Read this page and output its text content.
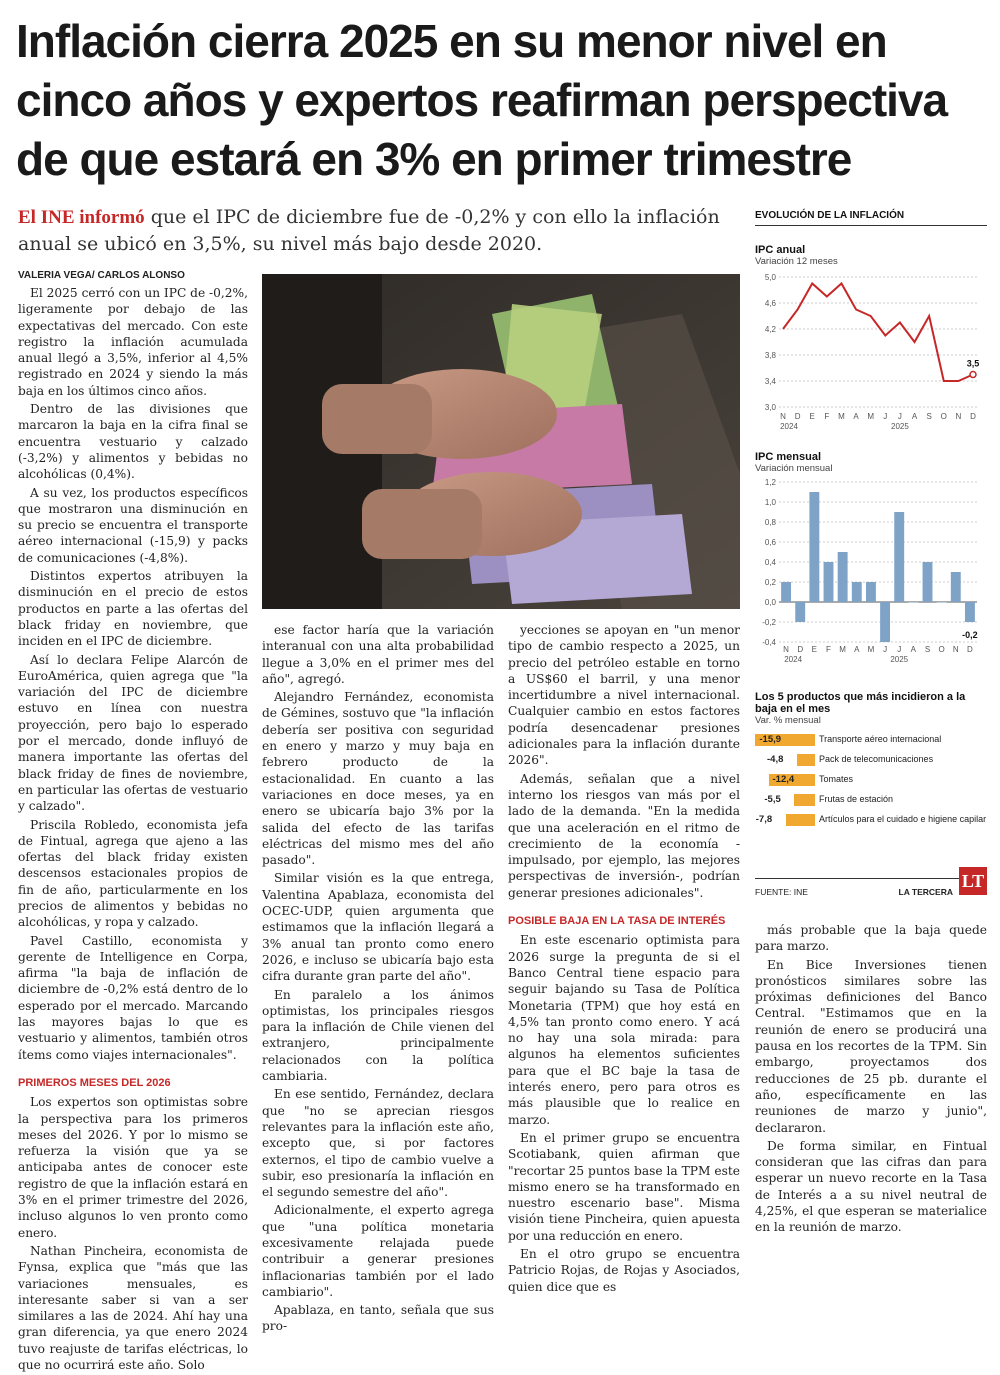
Inflación cierra 2025 en su menor nivel en cinco años y expertos reafirman perspectiva de que estará en 3% en primer trimestre
El INE informó que el IPC de diciembre fue de -0,2% y con ello la inflación anual se ubicó en 3,5%, su nivel más bajo desde 2020.
VALERIA VEGA/ CARLOS ALONSO

El 2025 cerró con un IPC de -0,2%, ligeramente por debajo de las expectativas del mercado. Con este registro la inflación acumulada anual llegó a 3,5%, inferior al 4,5% registrado en 2024 y siendo la más baja en los últimos cinco años.

Dentro de las divisiones que marcaron la baja en la cifra final se encuentra vestuario y calzado (-3,2%) y alimentos y bebidas no alcohólicas (0,4%).

A su vez, los productos específicos que mostraron una disminución en su precio se encuentra el transporte aéreo internacional (-15,9) y packs de comunicaciones (-4,8%).

Distintos expertos atribuyen la disminución en el precio de estos productos en parte a las ofertas del black friday en noviembre, que inciden en el IPC de diciembre.

Así lo declara Felipe Alarcón de EuroAmérica, quien agrega que "la variación del IPC de diciembre estuvo en línea con nuestra proyección, pero bajo lo esperado por el mercado, donde influyó de manera importante las ofertas del black friday de fines de noviembre, en particular las ofertas de vestuario y calzado".

Priscila Robledo, economista jefa de Fintual, agrega que ajeno a las ofertas del black friday existen descensos estacionales propios de fin de año, particularmente en los precios de alimentos y bebidas no alcohólicas, y ropa y calzado.

Pavel Castillo, economista y gerente de Intelligence en Corpa, afirma "la baja de inflación de diciembre de -0,2% está dentro de lo esperado por el mercado. Marcando las mayores bajas lo que es vestuario y alimentos, también otros ítems como viajes internacionales".

PRIMEROS MESES DEL 2026

Los expertos son optimistas sobre la perspectiva para los primeros meses del 2026. Y por lo mismo se refuerza la visión que ya se anticipaba antes de conocer este registro de que la inflación estará en 3% en el primer trimestre del 2026, incluso algunos lo ven pronto como enero.

Nathan Pincheira, economista de Fynsa, explica que "más que las variaciones mensuales, es interesante saber si van a ser similares a las de 2024. Ahí hay una gran diferencia, ya que enero 2024 tuvo reajuste de tarifas eléctricas, lo que no ocurrirá este año. Solo

ese factor haría que la variación interanual con una alta probabilidad llegue a 3,0% en el primer mes del año", agregó.

Alejandro Fernández, economista de Gémines, sostuvo que "la inflación debería ser positiva con seguridad en enero y marzo y muy baja en febrero producto de la estacionalidad. En cuanto a las variaciones en doce meses, ya en enero se ubicaría bajo 3% por la salida del efecto de las tarifas eléctricas del mismo mes del año pasado".

Similar visión es la que entrega, Valentina Apablaza, economista del OCEC-UDP, quien argumenta que estimamos que la inflación llegará a 3% anual tan pronto como enero 2026, e incluso se ubicaría bajo esta cifra durante gran parte del año".

En paralelo a los ánimos optimistas, los principales riesgos para la inflación de Chile vienen del extranjero, principalmente relacionados con la política cambiaria.

En ese sentido, Fernández, declara que "no se aprecian riesgos relevantes para la inflación este año, excepto que, si por factores externos, el tipo de cambio vuelve a subir, eso presionaría la inflación en el segundo semestre del año".

Adicionalmente, el experto agrega que "una política monetaria excesivamente relajada puede contribuir a generar presiones inflacionarias también por el lado cambiario".

Apablaza, en tanto, señala que sus pro-

yecciones se apoyan en "un menor tipo de cambio respecto a 2025, un precio del petróleo estable en torno a US$60 el barril, y una menor incertidumbre a nivel internacional. Cualquier cambio en estos factores podría desencadenar presiones adicionales para la inflación durante 2026".

Además, señalan que a nivel interno los riesgos van más por el lado de la demanda. "En la medida que una aceleración en el ritmo de crecimiento de la economía -impulsado, por ejemplo, las mejores perspectivas de inversión-, podrían generar presiones adicionales".

POSIBLE BAJA EN LA TASA DE INTERÉS

En este escenario optimista para 2026 surge la pregunta de si el Banco Central tiene espacio para seguir bajando su Tasa de Política Monetaria (TPM) que hoy está en 4,5% tan pronto como enero. Y acá no hay una sola mirada: para algunos ha elementos suficientes para que el BC baje la tasa de interés enero, pero para otros es más plausible que lo realice en marzo.

En el primer grupo se encuentra Scotiabank, quien afirman que "recortar 25 puntos base la TPM este mismo enero se ha transformado en nuestro escenario base". Misma visión tiene Pincheira, quien apuesta por una reducción en enero.

En el otro grupo se encuentra Patricio Rojas, de Rojas y Asociados, quien dice que es

más probable que la baja quede para marzo.

En Bice Inversiones tienen pronósticos similares sobre las próximas definiciones del Banco Central. "Estimamos que en la reunión de enero se producirá una pausa en los recortes de la TPM. Sin embargo, proyectamos dos reducciones de 25 pb. durante el año, específicamente en las reuniones de marzo y junio", declararon.

De forma similar, en Fintual consideran que las cifras dan para esperar un nuevo recorte en la Tasa de Interés a a su nivel neutral de 4,25%, el que esperan se materialice en la reunión de marzo.

EVOLUCIÓN DE LA INFLACIÓN
IPC anual
Variación 12 meses
5,0
4,6
4,2
3,8
3,4
3,0
3,5
N D E F M A M J J A S O N D
2024	2025
IPC mensual
Variación mensual
1,2
1,0
0,8
0,6
0,4
0,2
0,0
-0,2
-0,4
N D E F M A M J J A S O N D
-0,2
2024	2025
Los 5 productos que más incidieron a la baja en el mes
Var. % mensual
-15,9	Transporte aéreo internacional
-4,8	Pack de telecomunicaciones
-12,4	Tomates
-5,5	Frutas de estación
-7,8	Artículos para el cuidado e higiene capilar
FUENTE: INE	LA TERCERA
LT
